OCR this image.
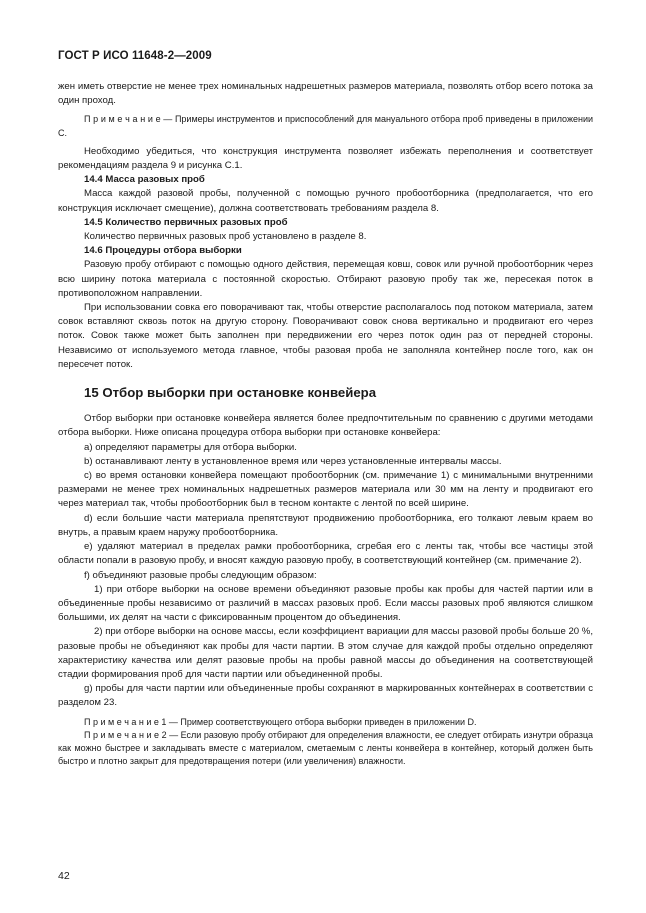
ГОСТ Р ИСО 11648-2—2009

жен иметь отверстие не менее трех номинальных надрешетных размеров материала, позволять отбор всего потока за один проход.

П р и м е ч а н и е — Примеры инструментов и приспособлений для мануального отбора проб приведены в приложении С.

Необходимо убедиться, что конструкция инструмента позволяет избежать переполнения и соответствует рекомендациям раздела 9 и рисунка С.1.

14.4 Масса разовых проб

Масса каждой разовой пробы, полученной с помощью ручного пробоотборника (предполагается, что его конструкция исключает смещение), должна соответствовать требованиям раздела 8.

14.5 Количество первичных разовых проб

Количество первичных разовых проб установлено в разделе 8.

14.6 Процедуры отбора выборки

Разовую пробу отбирают с помощью одного действия, перемещая ковш, совок или ручной пробоотборник через всю ширину потока материала с постоянной скоростью. Отбирают разовую пробу так же, пересекая поток в противоположном направлении.

При использовании совка его поворачивают так, чтобы отверстие располагалось под потоком материала, затем совок вставляют сквозь поток на другую сторону. Поворачивают совок снова вертикально и продвигают его через поток. Совок также может быть заполнен при передвижении его через поток один раз от передней стороны. Независимо от используемого метода главное, чтобы разовая проба не заполняла контейнер после того, как он пересечет поток.

15 Отбор выборки при остановке конвейера

Отбор выборки при остановке конвейера является более предпочтительным по сравнению с другими методами отбора выборки. Ниже описана процедура отбора выборки при остановке конвейера:

а) определяют параметры для отбора выборки.

b) останавливают ленту в установленное время или через установленные интервалы массы.

с) во время остановки конвейера помещают пробоотборник (см. примечание 1) с минимальными внутренними размерами не менее трех номинальных надрешетных размеров материала или 30 мм на ленту и продвигают его через материал так, чтобы пробоотборник был в тесном контакте с лентой по всей ширине.

d) если большие части материала препятствуют продвижению пробоотборника, его толкают левым краем во внутрь, а правым краем наружу пробоотборника.

е) удаляют материал в пределах рамки пробоотборника, сгребая его с ленты так, чтобы все частицы этой области попали в разовую пробу, и вносят каждую разовую пробу, в соответствующий контейнер (см. примечание 2).

f) объединяют разовые пробы следующим образом:

1) при отборе выборки на основе времени объединяют разовые пробы как пробы для частей партии или в объединенные пробы независимо от различий в массах разовых проб. Если массы разовых проб являются слишком большими, их делят на части с фиксированным процентом до объединения.

2) при отборе выборки на основе массы, если коэффициент вариации для массы разовой пробы больше 20 %, разовые пробы не объединяют как пробы для части партии. В этом случае для каждой пробы отдельно определяют характеристику качества или делят разовые пробы на пробы равной массы до объединения на соответствующей стадии формирования проб для части партии или объединенной пробы.

g) пробы для части партии или объединенные пробы сохраняют в маркированных контейнерах в соответствии с разделом 23.

П р и м е ч а н и е 1 — Пример соответствующего отбора выборки приведен в приложении D.

П р и м е ч а н и е 2 — Если разовую пробу отбирают для определения влажности, ее следует отбирать изнутри образца как можно быстрее и закладывать вместе с материалом, сметаемым с ленты конвейера в контейнер, который должен быть быстро и плотно закрыт для предотвращения потери (или увеличения) влажности.

42
